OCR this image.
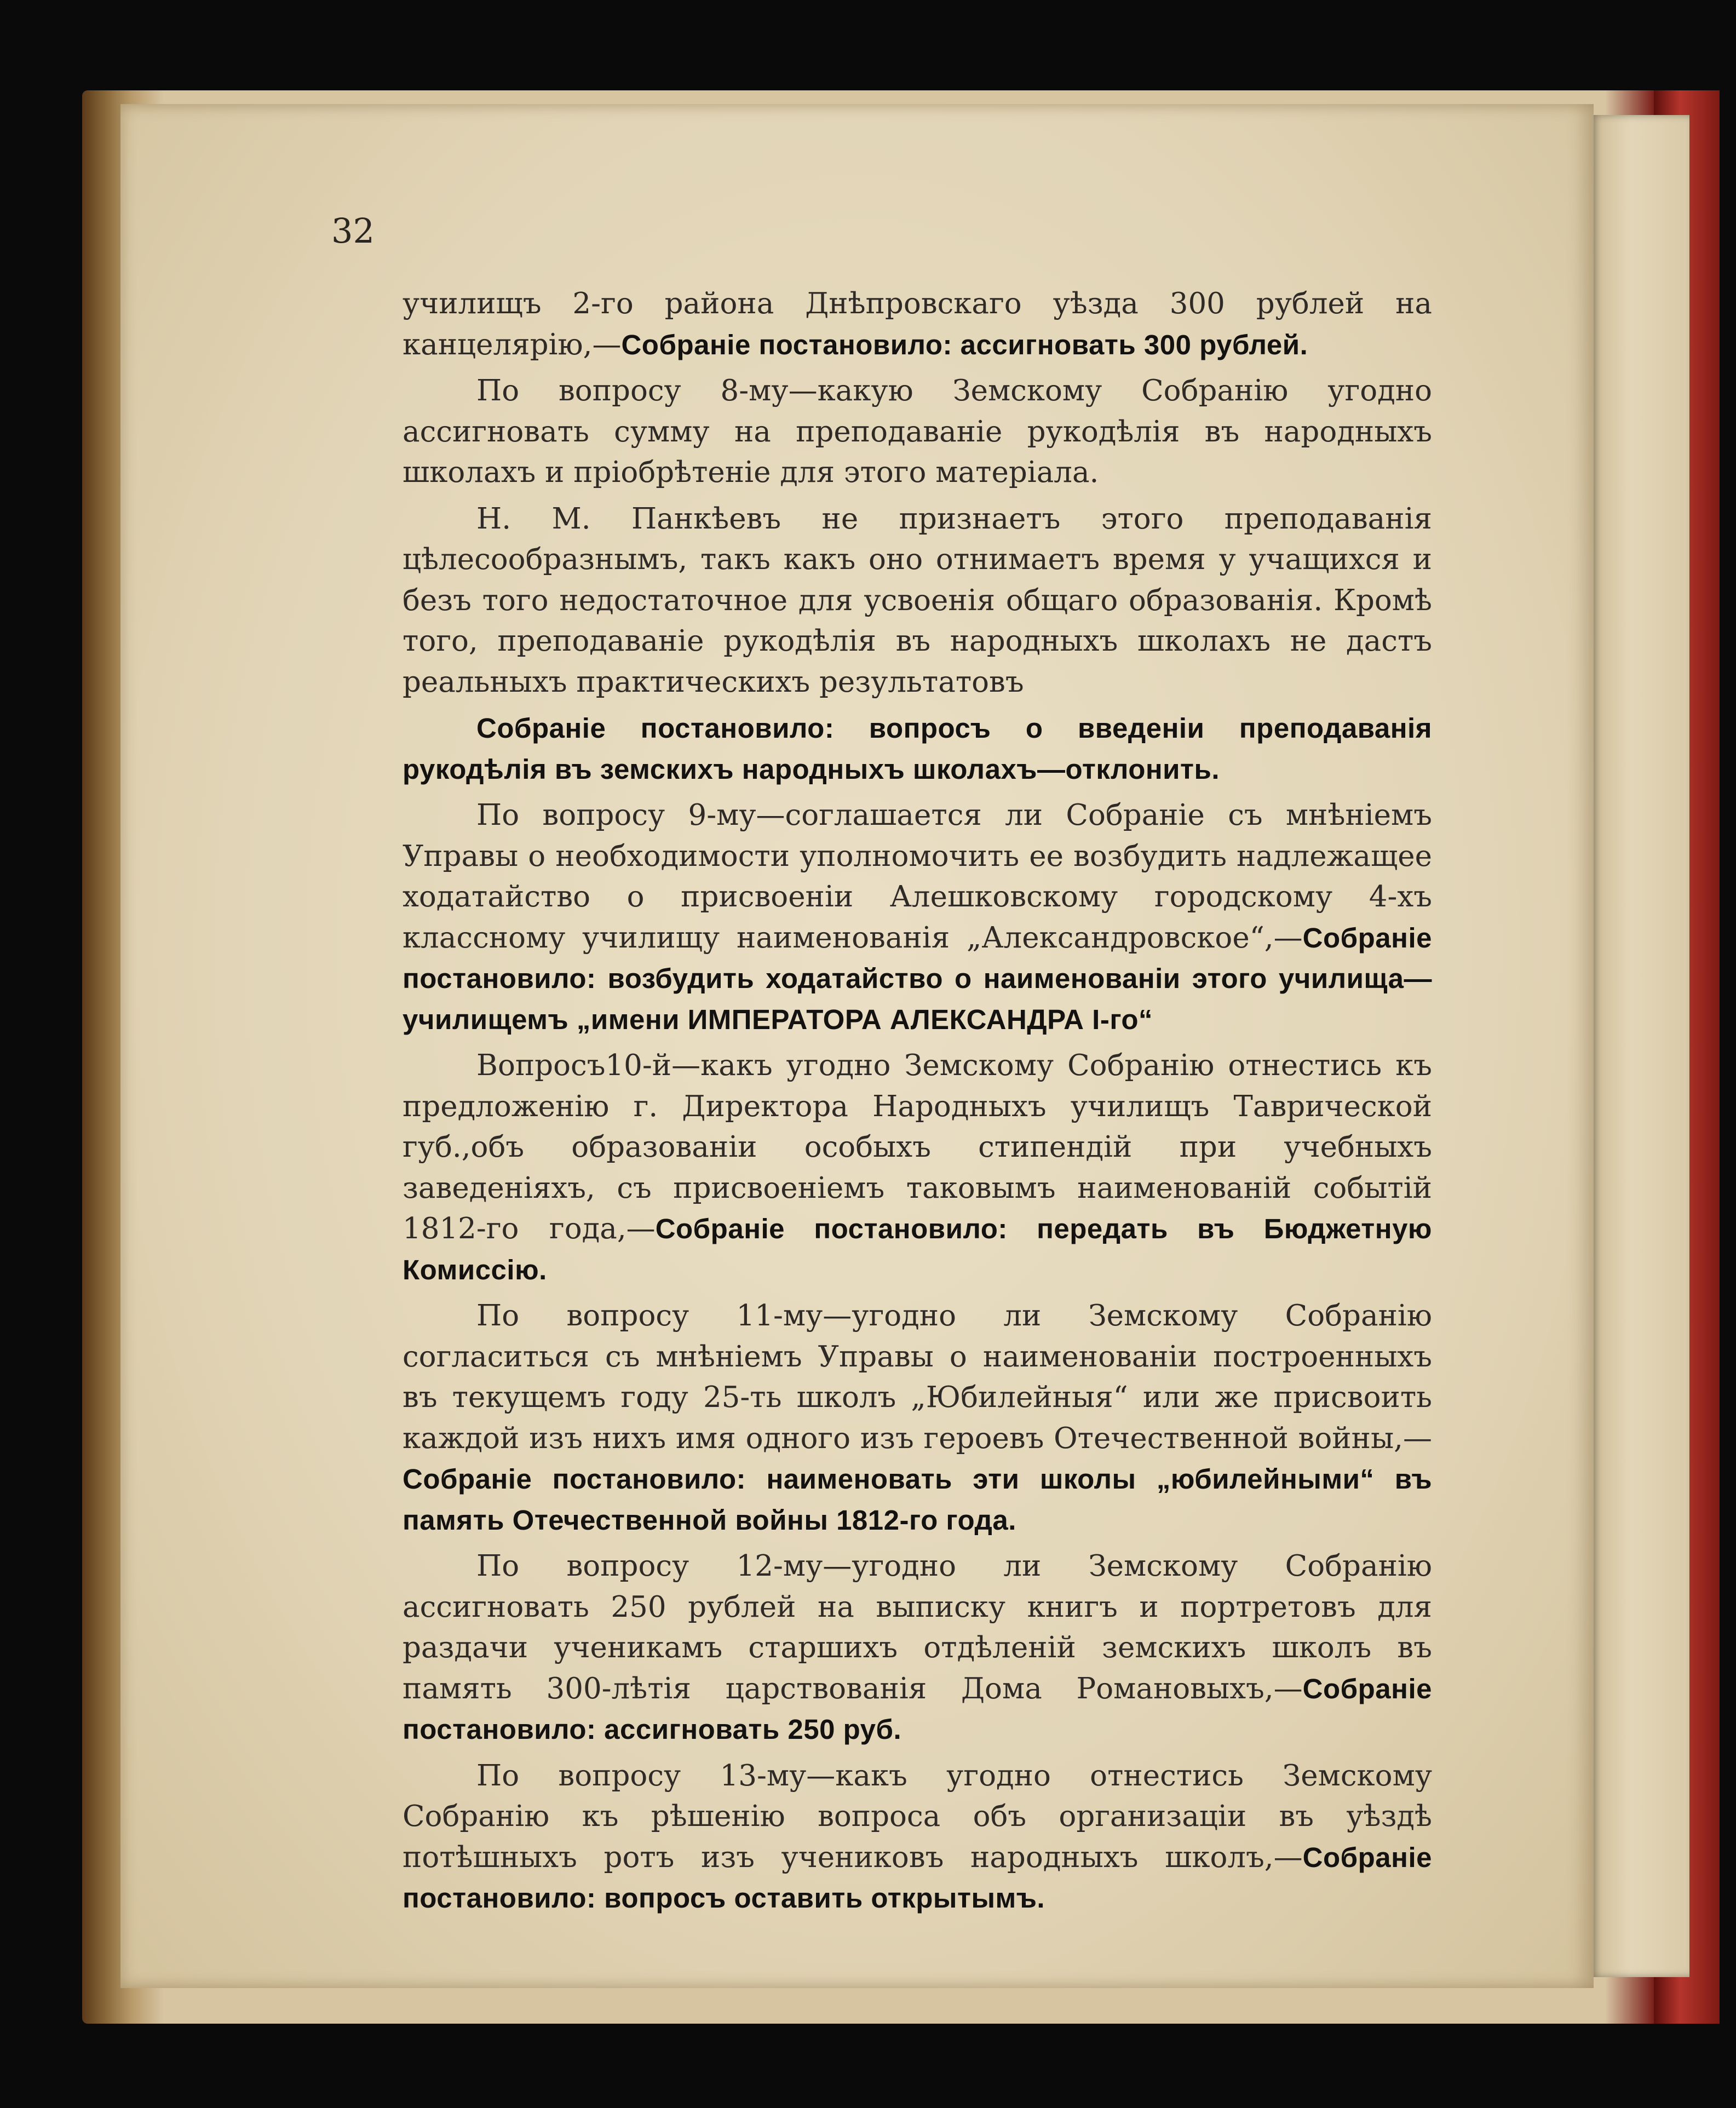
32

училищъ 2-го района Днѣпровскаго уѣзда 300 рублей на канцелярію,—Собраніе постановило: ассигновать 300 рублей.

По вопросу 8-му—какую Земскому Собранію угодно ассигновать сумму на преподаваніе рукодѣлія въ народныхъ школахъ и пріобрѣтеніе для этого матеріала.

Н. М. Панкѣевъ не признаетъ этого преподаванія цѣлесообразнымъ, такъ какъ оно отнимаетъ время у учащихся и безъ того недостаточное для усвоенія общаго образованія. Кромѣ того, преподаваніе рукодѣлія въ народныхъ школахъ не дастъ реальныхъ практическихъ результатовъ

Собраніе постановило: вопросъ о введеніи преподаванія рукодѣлія въ земскихъ народныхъ школахъ—отклонить.

По вопросу 9-му—соглашается ли Собраніе съ мнѣніемъ Управы о необходимости уполномочить ее возбудить надлежащее ходатайство о присвоеніи Алешковскому городскому 4-хъ классному училищу наименованія „Александровское“,—Собраніе постановило: возбудить ходатайство о наименованіи этого училища—училищемъ „имени ИМПЕРАТОРА АЛЕКСАНДРА I-го“

Вопросъ10-й—какъ угодно Земскому Собранію отнестись къ предложенію г. Директора Народныхъ училищъ Таврической губ.,объ образованіи особыхъ стипендій при учебныхъ заведеніяхъ, съ присвоеніемъ таковымъ наименованій событій 1812-го года,—Собраніе постановило: передать въ Бюджетную Комиссію.

По вопросу 11-му—угодно ли Земскому Собранію согласиться съ мнѣніемъ Управы о наименованіи построенныхъ въ текущемъ году 25-ть школъ „Юбилейныя“ или же присвоить каждой изъ нихъ имя одного изъ героевъ Отечественной войны,—Собраніе постановило: наименовать эти школы „юбилейными“ въ память Отечественной войны 1812-го года.

По вопросу 12-му—угодно ли Земскому Собранію ассигновать 250 рублей на выписку книгъ и портретовъ для раздачи ученикамъ старшихъ отдѣленій земскихъ школъ въ память 300-лѣтія царствованія Дома Романовыхъ,—Собраніе постановило: ассигновать 250 руб.

По вопросу 13-му—какъ угодно отнестись Земскому Собранію къ рѣшенію вопроса объ организаціи въ уѣздѣ потѣшныхъ ротъ изъ учениковъ народныхъ школъ,—Собраніе постановило: вопросъ оставить открытымъ.
